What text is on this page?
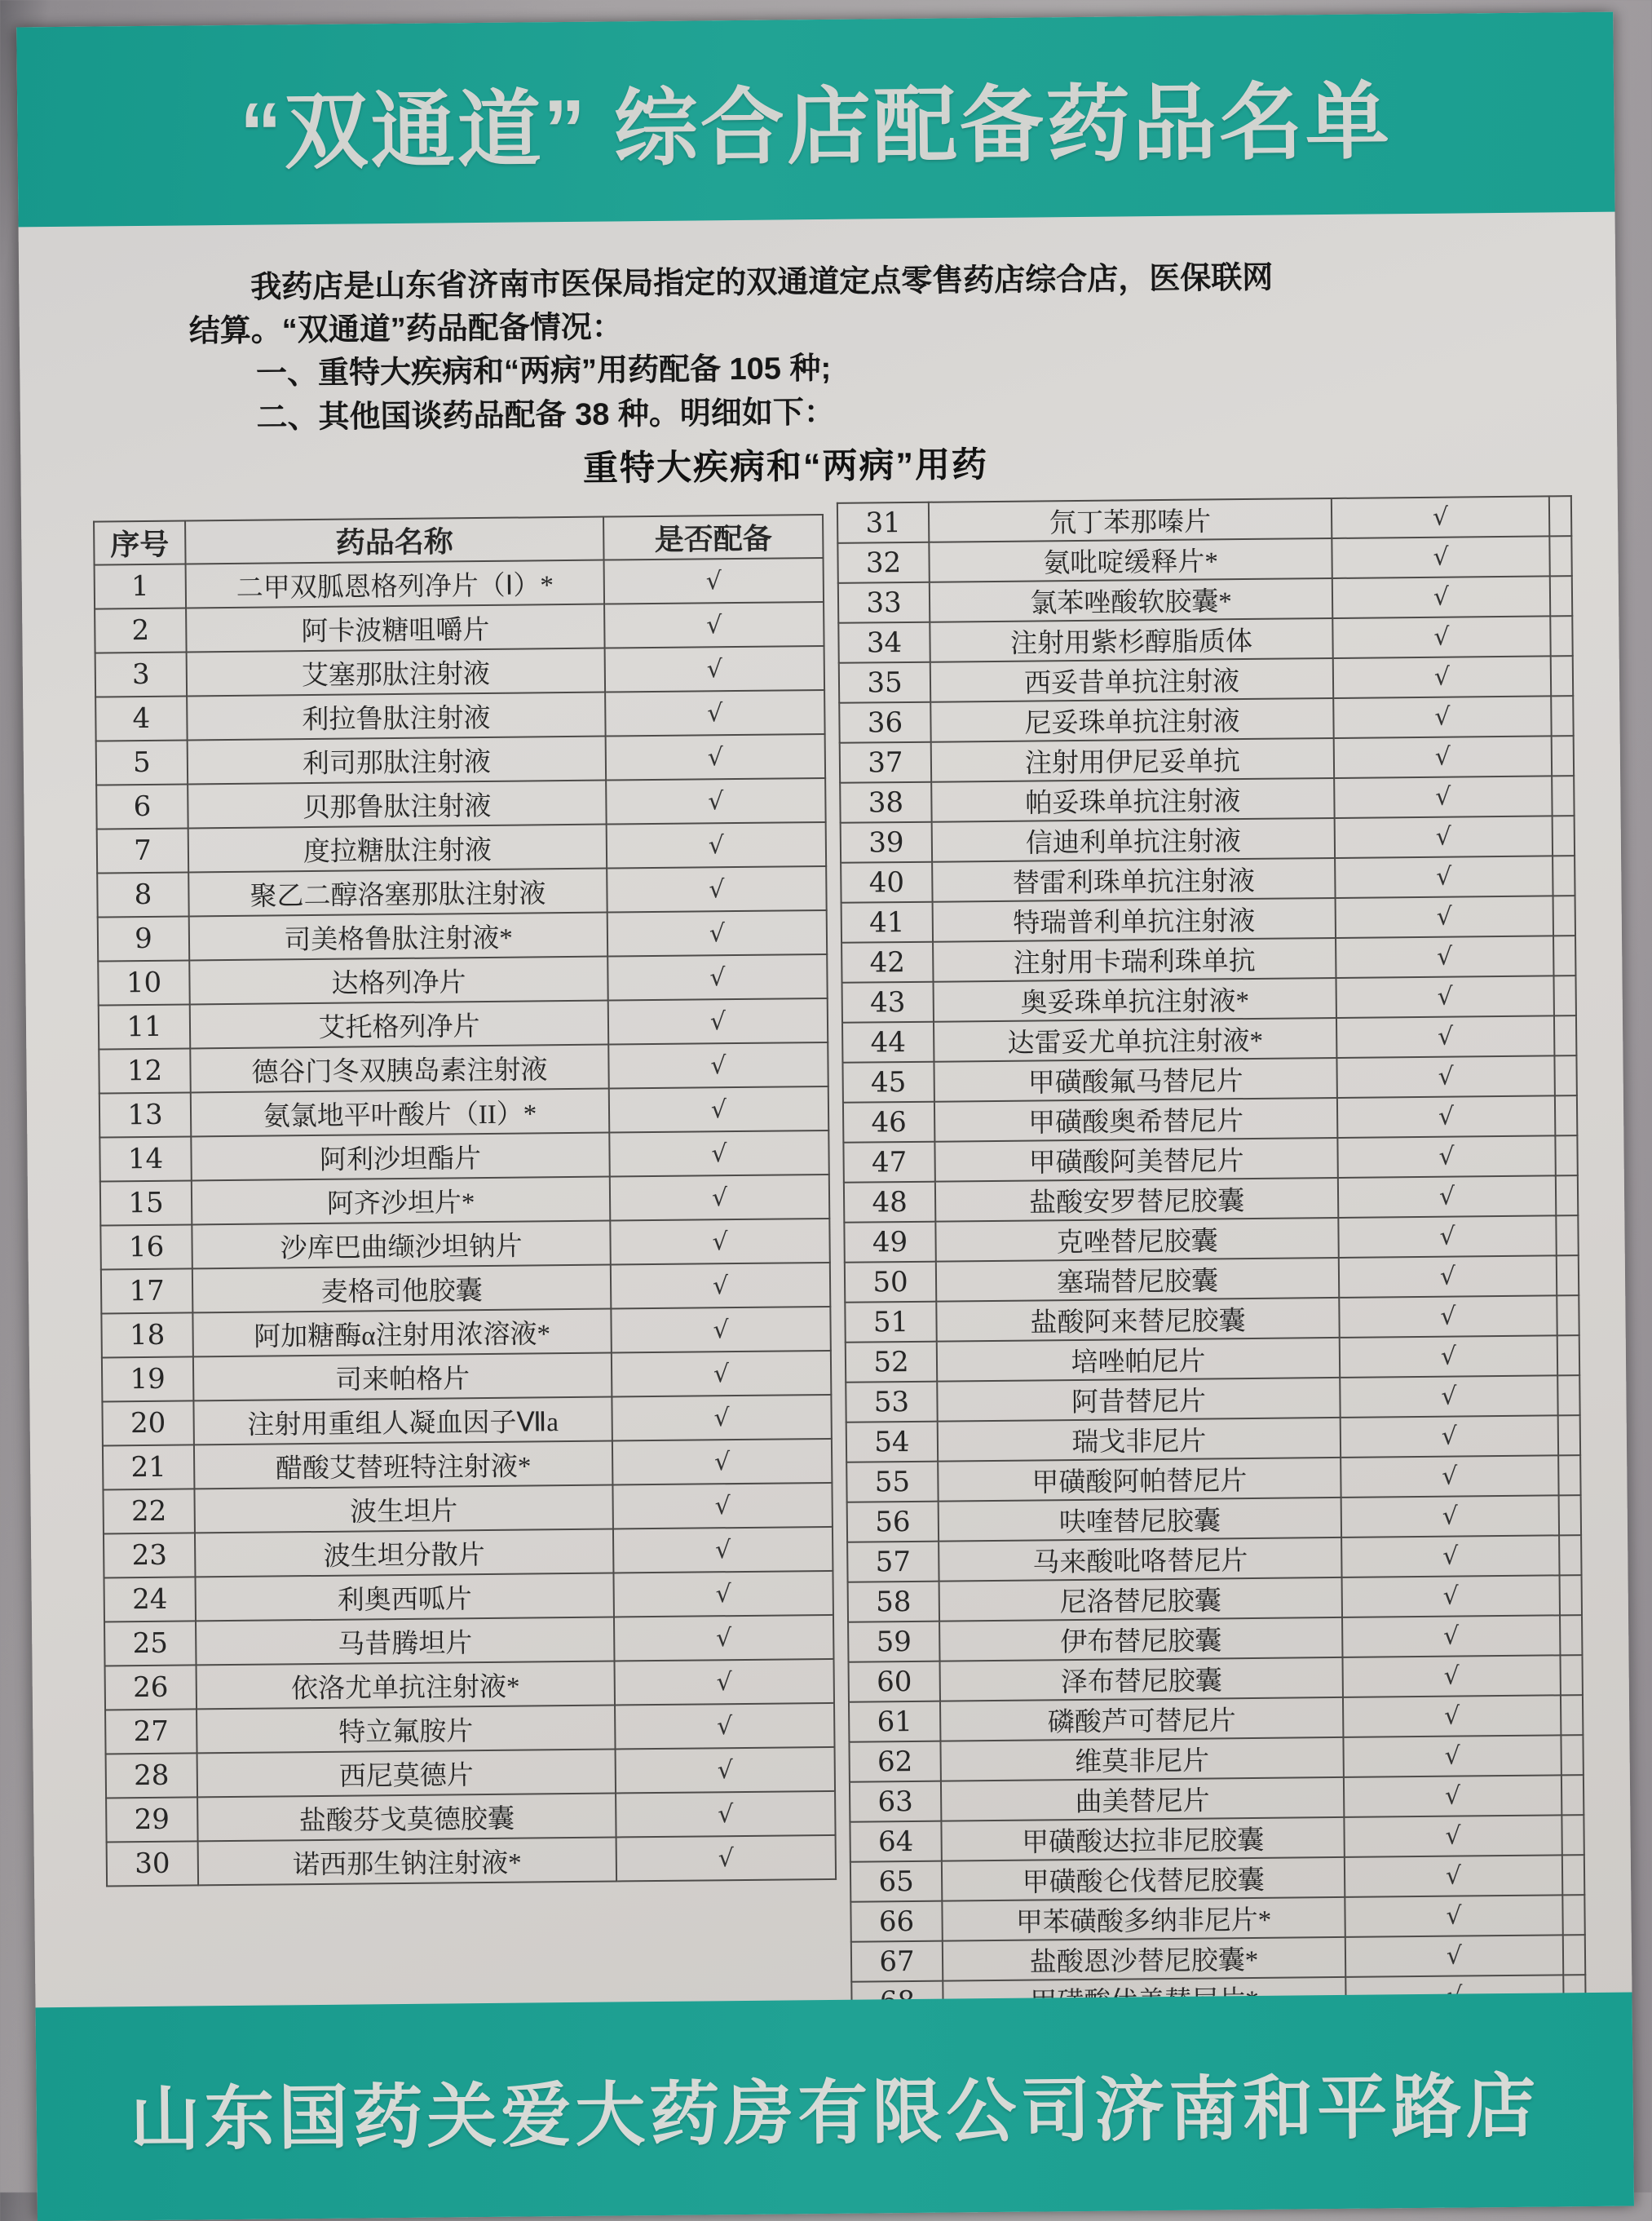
“双通道” 综合店配备药品名单

我药店是山东省济南市医保局指定的双通道定点零售药店综合店，医保联网

结算。“双通道”药品配备情况：

一、重特大疾病和“两病”用药配备 105 种;

二、其他国谈药品配备 38 种。明细如下：

重特大疾病和“两病”用药
序号	药品名称	是否配备
1	二甲双胍恩格列净片（Ⅰ）*	√
2	阿卡波糖咀嚼片	√
3	艾塞那肽注射液	√
4	利拉鲁肽注射液	√
5	利司那肽注射液	√
6	贝那鲁肽注射液	√
7	度拉糖肽注射液	√
8	聚乙二醇洛塞那肽注射液	√
9	司美格鲁肽注射液*	√
10	达格列净片	√
11	艾托格列净片	√
12	德谷门冬双胰岛素注射液	√
13	氨氯地平叶酸片（II）*	√
14	阿利沙坦酯片	√
15	阿齐沙坦片*	√
16	沙库巴曲缬沙坦钠片	√
17	麦格司他胶囊	√
18	阿加糖酶α注射用浓溶液*	√
19	司来帕格片	√
20	注射用重组人凝血因子Ⅶa	√
21	醋酸艾替班特注射液*	√
22	波生坦片	√
23	波生坦分散片	√
24	利奥西呱片	√
25	马昔腾坦片	√
26	依洛尤单抗注射液*	√
27	特立氟胺片	√
28	西尼莫德片	√
29	盐酸芬戈莫德胶囊	√
30	诺西那生钠注射液*	√
31	氘丁苯那嗪片	√	
32	氨吡啶缓释片*	√	
33	氯苯唑酸软胶囊*	√	
34	注射用紫杉醇脂质体	√	
35	西妥昔单抗注射液	√	
36	尼妥珠单抗注射液	√	
37	注射用伊尼妥单抗	√	
38	帕妥珠单抗注射液	√	
39	信迪利单抗注射液	√	
40	替雷利珠单抗注射液	√	
41	特瑞普利单抗注射液	√	
42	注射用卡瑞利珠单抗	√	
43	奥妥珠单抗注射液*	√	
44	达雷妥尤单抗注射液*	√	
45	甲磺酸氟马替尼片	√	
46	甲磺酸奥希替尼片	√	
47	甲磺酸阿美替尼片	√	
48	盐酸安罗替尼胶囊	√	
49	克唑替尼胶囊	√	
50	塞瑞替尼胶囊	√	
51	盐酸阿来替尼胶囊	√	
52	培唑帕尼片	√	
53	阿昔替尼片	√	
54	瑞戈非尼片	√	
55	甲磺酸阿帕替尼片	√	
56	呋喹替尼胶囊	√	
57	马来酸吡咯替尼片	√	
58	尼洛替尼胶囊	√	
59	伊布替尼胶囊	√	
60	泽布替尼胶囊	√	
61	磷酸芦可替尼片	√	
62	维莫非尼片	√	
63	曲美替尼片	√	
64	甲磺酸达拉非尼胶囊	√	
65	甲磺酸仑伐替尼胶囊	√	
66	甲苯磺酸多纳非尼片*	√	
67	盐酸恩沙替尼胶囊*	√	

山东国药关爱大药房有限公司济南和平路店
